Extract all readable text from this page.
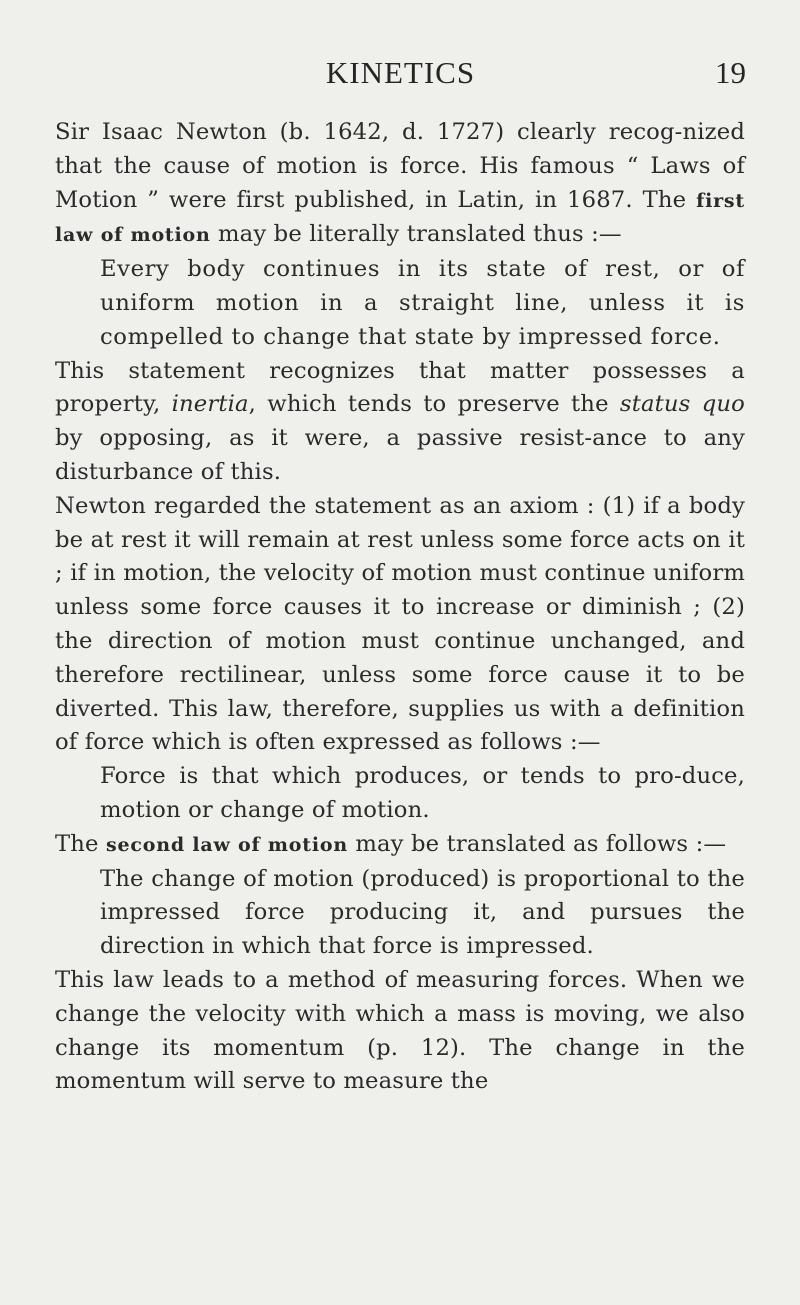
KINETICS	19

Sir Isaac Newton (b. 1642, d. 1727) clearly recog-nized that the cause of motion is force. His famous “ Laws of Motion ” were first published, in Latin, in 1687. The first law of motion may be literally translated thus :—

Every body continues in its state of rest, or of uniform motion in a straight line, unless it is compelled to change that state by impressed force.

This statement recognizes that matter possesses a property, inertia, which tends to preserve the status quo by opposing, as it were, a passive resist-ance to any disturbance of this.

Newton regarded the statement as an axiom : (1) if a body be at rest it will remain at rest unless some force acts on it ; if in motion, the velocity of motion must continue uniform unless some force causes it to increase or diminish ; (2) the direction of motion must continue unchanged, and therefore rectilinear, unless some force cause it to be diverted. This law, therefore, supplies us with a definition of force which is often expressed as follows :—

Force is that which produces, or tends to pro-duce, motion or change of motion.

The second law of motion may be translated as follows :—

The change of motion (produced) is proportional to the impressed force producing it, and pursues the direction in which that force is impressed.

This law leads to a method of measuring forces. When we change the velocity with which a mass is moving, we also change its momentum (p. 12). The change in the momentum will serve to measure the
